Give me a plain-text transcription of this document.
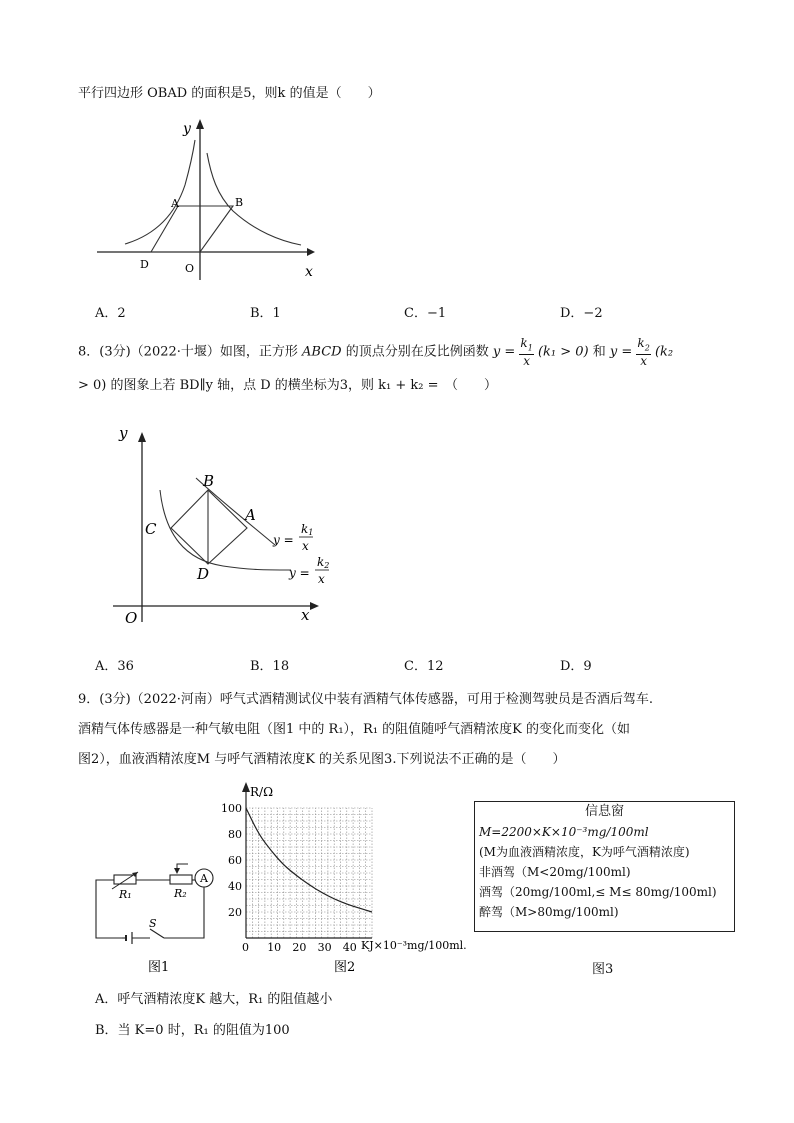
平行四边形 OBAD 的面积是5，则k 的值是（　　）
y
x
A	B
D	O
A．2	B．1	C．−1	D．−2
8．(3分)（2022·十堰）如图，正方形 ABCD 的顶点分别在反比例函数 $y = \frac{k_1}{x} (k_1 > 0)$ 和 $y = \frac{k_2}{x} (k_2$
> 0) 的图象上若 BD∥y 轴，点 D 的横坐标为3，则 k₁ + k₂ =　（　　）
y
x
O
B
A
C
D
y =
k1
x
y =
k2
x
A．36	B．18	C．12	D．9
9．(3分)（2022·河南）呼气式酒精测试仪中装有酒精气体传感器，可用于检测驾驶员是否酒后驾车.
酒精气体传感器是一种气敏电阻（图1 中的 R₁），R₁ 的阻值随呼气酒精浓度K 的变化而变化（如
图2），血液酒精浓度M 与呼气酒精浓度K 的关系见图3.下列说法不正确的是（　　）
A
R₁	R₂
S
图1
0 10 20 30 40
20
40
60
80
100
R/Ω
KJ×10⁻³mg/100ml.
图2
信息窗
M=2200×K×10⁻³mg/100ml
(M为血液酒精浓度，K为呼气酒精浓度)
非酒驾（M<20mg/100ml)
酒驾（20mg/100ml,≤ M≤ 80mg/100ml)
醉驾（M>80mg/100ml)
图3
A．呼气酒精浓度K 越大，R₁ 的阻值越小
B．当 K=0 时，R₁ 的阻值为100
